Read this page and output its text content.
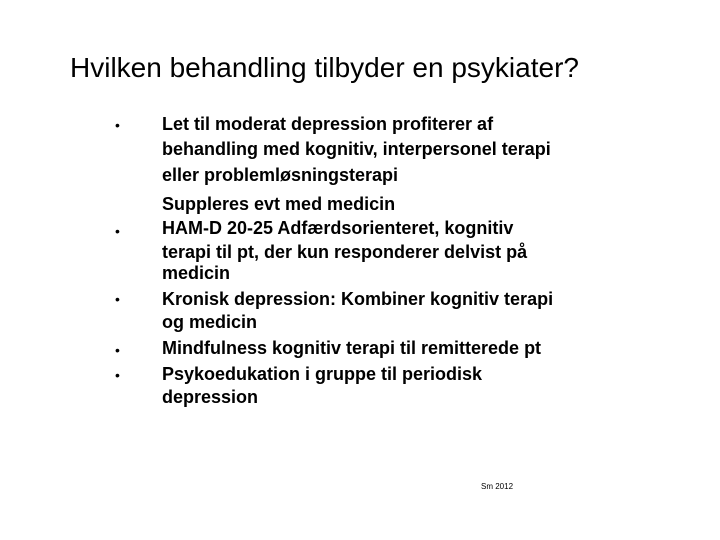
Hvilken behandling tilbyder en psykiater?
•
•
•
•
•
Let til moderat depression profiterer af
behandling med kognitiv, interpersonel terapi
eller problemløsningsterapi
Suppleres evt med medicin
HAM-D 20-25 Adfærdsorienteret, kognitiv
terapi til pt, der kun responderer delvist på
medicin
Kronisk depression: Kombiner kognitiv terapi
og medicin
Mindfulness kognitiv terapi til remitterede pt
Psykoedukation i gruppe til periodisk
depression
Sm 2012
